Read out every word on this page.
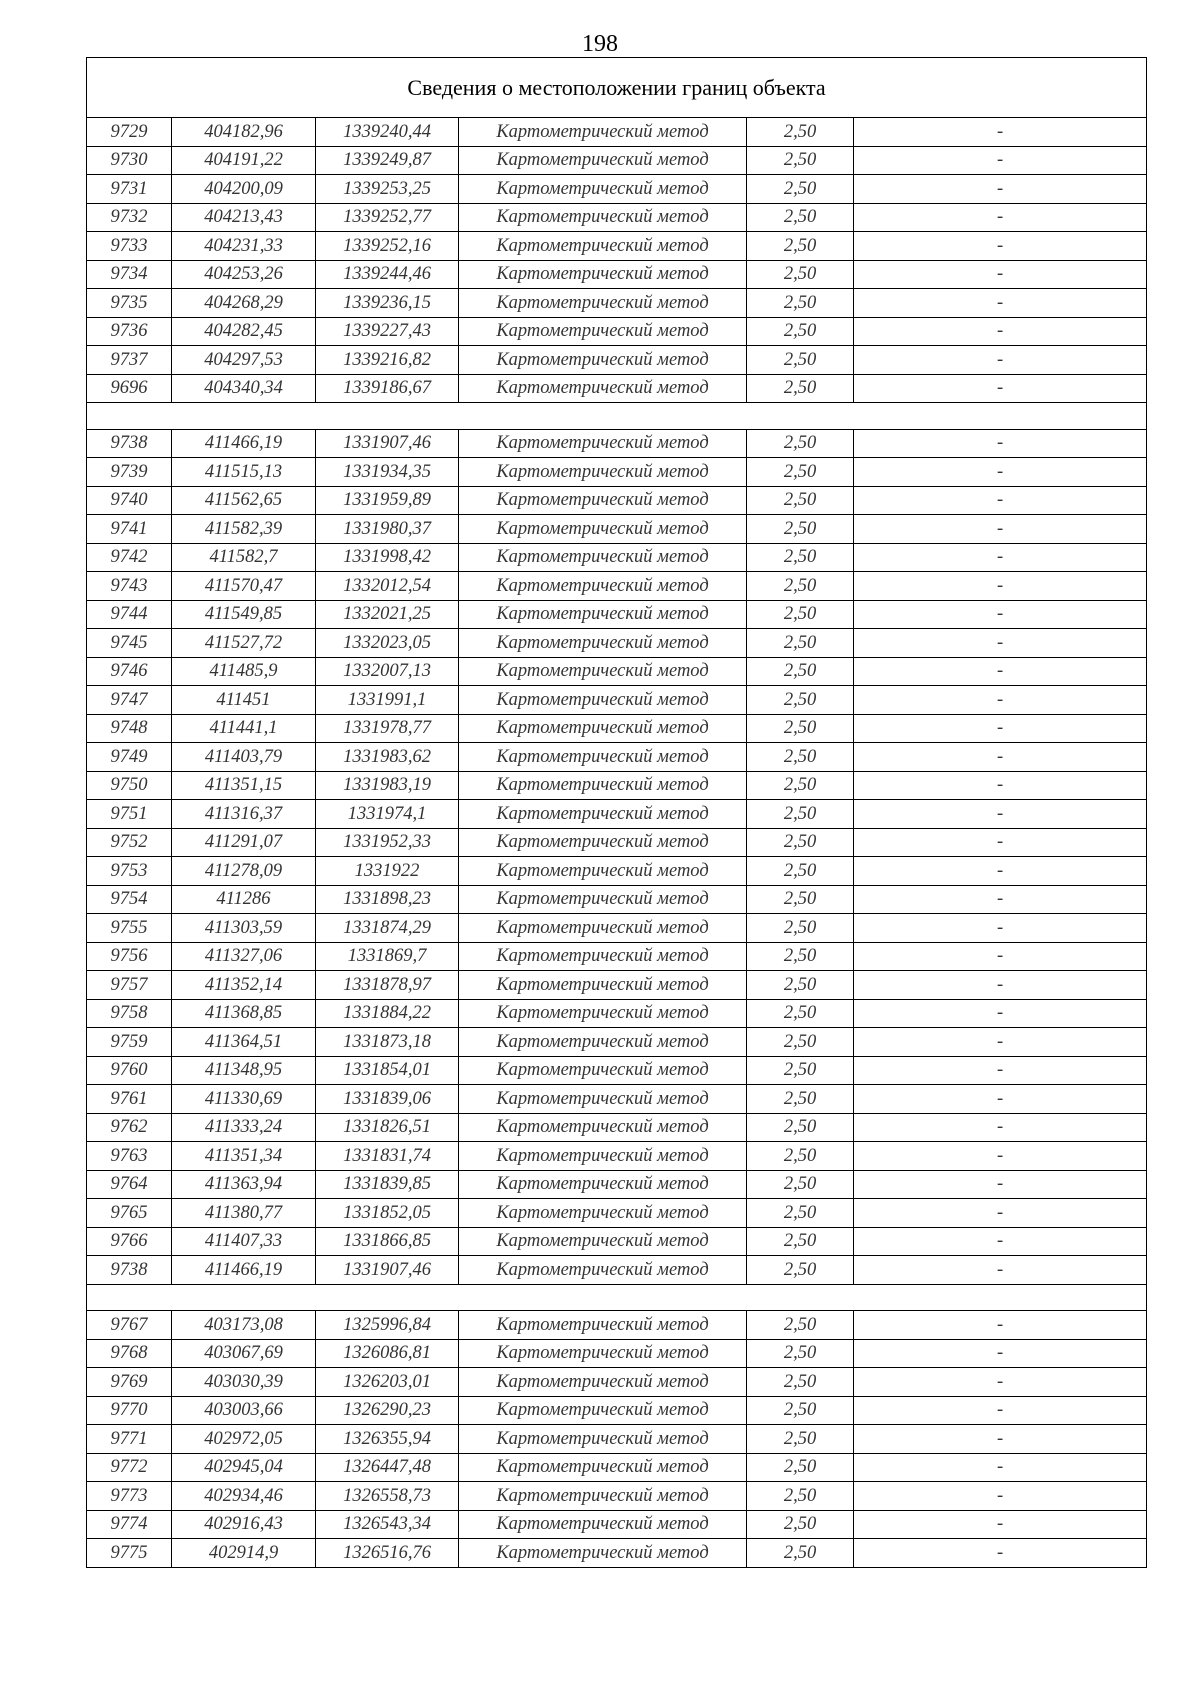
198
Сведения о местоположении границ объекта					
9729	404182,96	1339240,44	Картометрический метод	2,50	-
9730	404191,22	1339249,87	Картометрический метод	2,50	-
9731	404200,09	1339253,25	Картометрический метод	2,50	-
9732	404213,43	1339252,77	Картометрический метод	2,50	-
9733	404231,33	1339252,16	Картометрический метод	2,50	-
9734	404253,26	1339244,46	Картометрический метод	2,50	-
9735	404268,29	1339236,15	Картометрический метод	2,50	-
9736	404282,45	1339227,43	Картометрический метод	2,50	-
9737	404297,53	1339216,82	Картометрический метод	2,50	-
9696	404340,34	1339186,67	Картометрический метод	2,50	-

9738	411466,19	1331907,46	Картометрический метод	2,50	-
9739	411515,13	1331934,35	Картометрический метод	2,50	-
9740	411562,65	1331959,89	Картометрический метод	2,50	-
9741	411582,39	1331980,37	Картометрический метод	2,50	-
9742	411582,7	1331998,42	Картометрический метод	2,50	-
9743	411570,47	1332012,54	Картометрический метод	2,50	-
9744	411549,85	1332021,25	Картометрический метод	2,50	-
9745	411527,72	1332023,05	Картометрический метод	2,50	-
9746	411485,9	1332007,13	Картометрический метод	2,50	-
9747	411451	1331991,1	Картометрический метод	2,50	-
9748	411441,1	1331978,77	Картометрический метод	2,50	-
9749	411403,79	1331983,62	Картометрический метод	2,50	-
9750	411351,15	1331983,19	Картометрический метод	2,50	-
9751	411316,37	1331974,1	Картометрический метод	2,50	-
9752	411291,07	1331952,33	Картометрический метод	2,50	-
9753	411278,09	1331922	Картометрический метод	2,50	-
9754	411286	1331898,23	Картометрический метод	2,50	-
9755	411303,59	1331874,29	Картометрический метод	2,50	-
9756	411327,06	1331869,7	Картометрический метод	2,50	-
9757	411352,14	1331878,97	Картометрический метод	2,50	-
9758	411368,85	1331884,22	Картометрический метод	2,50	-
9759	411364,51	1331873,18	Картометрический метод	2,50	-
9760	411348,95	1331854,01	Картометрический метод	2,50	-
9761	411330,69	1331839,06	Картометрический метод	2,50	-
9762	411333,24	1331826,51	Картометрический метод	2,50	-
9763	411351,34	1331831,74	Картометрический метод	2,50	-
9764	411363,94	1331839,85	Картометрический метод	2,50	-
9765	411380,77	1331852,05	Картометрический метод	2,50	-
9766	411407,33	1331866,85	Картометрический метод	2,50	-
9738	411466,19	1331907,46	Картометрический метод	2,50	-

9767	403173,08	1325996,84	Картометрический метод	2,50	-
9768	403067,69	1326086,81	Картометрический метод	2,50	-
9769	403030,39	1326203,01	Картометрический метод	2,50	-
9770	403003,66	1326290,23	Картометрический метод	2,50	-
9771	402972,05	1326355,94	Картометрический метод	2,50	-
9772	402945,04	1326447,48	Картометрический метод	2,50	-
9773	402934,46	1326558,73	Картометрический метод	2,50	-
9774	402916,43	1326543,34	Картометрический метод	2,50	-
9775	402914,9	1326516,76	Картометрический метод	2,50	-
